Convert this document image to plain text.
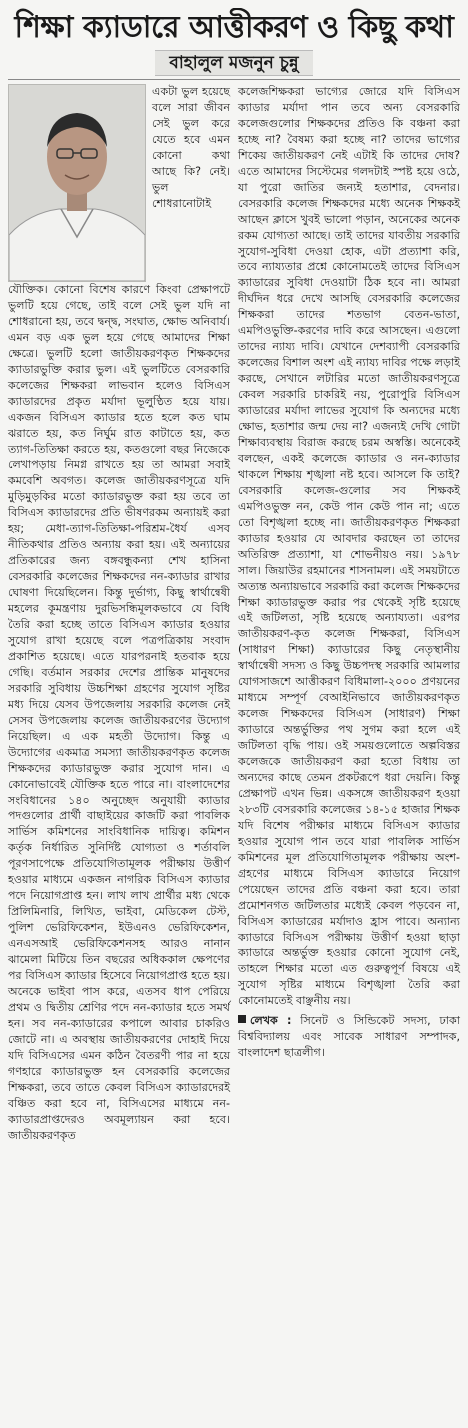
শিক্ষা ক্যাডারে আত্তীকরণ ও কিছু কথা
বাহালুল মজনুন চুন্নু
একটা ভুল হয়েছে বলে সারা জীবন সেই ভুল করে যেতে হবে এমন কোনো কথা আছে কি? নেই। ভুল শোধরানোটাই

যৌক্তিক। কোনো বিশেষ কারণে কিংবা প্রেক্ষাপটে ভুলটি হয়ে গেছে, তাই বলে সেই ভুল যদি না শোধরানো হয়, তবে দ্বন্দ্ব, সংঘাত, ক্ষোভ অনিবার্য। এমন বড় এক ভুল হয়ে গেছে আমাদের শিক্ষা ক্ষেত্রে। ভুলটি হলো জাতীয়করণকৃত শিক্ষকদের ক্যাডারভুক্তি করার ভুল। এই ভুলটিতে বেসরকারি কলেজের শিক্ষকরা লাভবান হলেও বিসিএস ক্যাডারদের প্রকৃত মর্যাদা ভূলুণ্ঠিত হয়ে যায়। একজন বিসিএস ক্যাডার হতে হলে কত ঘাম ঝরাতে হয়, কত নির্ঘুম রাত কাটাতে হয়, কত ত্যাগ-তিতিক্ষা করতে হয়, কতগুলো বছর নিজেকে লেখাপড়ায় নিমগ্ন রাখতে হয় তা আমরা সবাই কমবেশি অবগত। কলেজ জাতীয়করণসূত্রে যদি মুড়িমুড়কির মতো ক্যাডারভুক্ত করা হয় তবে তা বিসিএস ক্যাডারদের প্রতি ভীষণরকম অন্যায়ই করা হয়; মেধা-ত্যাগ-তিতিক্ষা-পরিশ্রম-ধৈর্য এসব নীতিকথার প্রতিও অন্যায় করা হয়। এই অন্যায়ের প্রতিকারের জন্য বঙ্গবন্ধুকন্যা শেখ হাসিনা বেসরকারি কলেজের শিক্ষকদের নন-ক্যাডার রাখার ঘোষণা দিয়েছিলেন। কিন্তু দুর্ভাগ্য, কিছু স্বার্থান্বেষী মহলের কূমন্ত্রণায় দুরভিসন্ধিমূলকভাবে যে বিধি তৈরি করা হচ্ছে তাতে বিসিএস ক্যাডার হওয়ার সুযোগ রাখা হয়েছে বলে পত্রপত্রিকায় সংবাদ প্রকাশিত হয়েছে। এতে যারপরনাই হতবাক হয়ে গেছি। বর্তমান সরকার দেশের প্রান্তিক মানুষদের সরকারি সুবিধায় উচ্চশিক্ষা গ্রহণের সুযোগ সৃষ্টির মধ্য দিয়ে যেসব উপজেলায় সরকারি কলেজ নেই সেসব উপজেলায় কলেজ জাতীয়করণের উদ্যোগ নিয়েছিল। এ এক মহতী উদ্যোগ। কিন্তু এ উদ্যোগের একমাত্র সমস্যা জাতীয়করণকৃত কলেজ শিক্ষকদের ক্যাডারভুক্ত করার সুযোগ দান। এ কোনোভাবেই যৌক্তিক হতে পারে না। বাংলাদেশের সংবিধানের ১৪০ অনুচ্ছেদ অনুযায়ী ক্যাডার পদগুলোর প্রার্থী বাছাইয়ের কাজটি করা পাবলিক সার্ভিস কমিশনের সাংবিধানিক দায়িত্ব। কমিশন কর্তৃক নির্ধারিত সুনির্দিষ্ট যোগ্যতা ও শর্তাবলি পূরণসাপেক্ষে প্রতিযোগিতামূলক পরীক্ষায় উত্তীর্ণ হওয়ার মাধ্যমে একজন নাগরিক বিসিএস ক্যাডার পদে নিয়োগপ্রাপ্ত হন। লাখ লাখ প্রার্থীর মধ্য থেকে প্রিলিমিনারি, লিখিত, ভাইবা, মেডিকেল টেস্ট, পুলিশ ভেরিফিকেশন, ইউএনও ভেরিফিকেশন, এনএসআই ভেরিফিকেশনসহ আরও নানান ঝামেলা মিটিয়ে তিন বছরের অধিককাল ক্ষেপণের পর বিসিএস ক্যাডার হিসেবে নিয়োগপ্রাপ্ত হতে হয়। অনেকে ভাইবা পাস করে, এতসব ধাপ পেরিয়ে প্রথম ও দ্বিতীয় শ্রেণির পদে নন-ক্যাডার হতে সমর্থ হন। সব নন-ক্যাডারের কপালে আবার চাকরিও জোটে না। এ অবস্থায় জাতীয়করণের দোহাই দিয়ে যদি বিসিএসের এমন কঠিন বৈতরণী পার না হয়ে গণহারে ক্যাডারভুক্ত হন বেসরকারি কলেজের শিক্ষকরা, তবে তাতে কেবল বিসিএস ক্যাডারদেরই বঞ্চিত করা হবে না, বিসিএসের মাধ্যমে নন-ক্যাডারপ্রাপ্তদেরও অবমূল্যায়ন করা হবে। জাতীয়করণকৃত

কলেজশিক্ষকরা ভাগ্যের জোরে যদি বিসিএস ক্যাডার মর্যাদা পান তবে অন্য বেসরকারি কলেজগুলোর শিক্ষকদের প্রতিও কি বঞ্চনা করা হচ্ছে না? বৈষম্য করা হচ্ছে না? তাদের ভাগ্যের শিকেয় জাতীয়করণ নেই এটাই কি তাদের দোষ? এতে আমাদের সিস্টেমের গলদটাই স্পষ্ট হয়ে ওঠে, যা পুরো জাতির জন্যই হতাশার, বেদনার। বেসরকারি কলেজ শিক্ষকদের মধ্যে অনেক শিক্ষকই আছেন ক্লাসে খুবই ভালো পড়ান, অনেকের অনেক রকম যোগ্যতা আছে। তাই তাদের যাবতীয় সরকারি সুযোগ-সুবিধা দেওয়া হোক, এটা প্রত্যাশা করি, তবে ন্যায্যতার প্রশ্নে কোনোমতেই তাদের বিসিএস ক্যাডারের সুবিধা দেওয়াটা ঠিক হবে না। আমরা দীর্ঘদিন ধরে দেখে আসছি বেসরকারি কলেজের শিক্ষকরা তাদের শতভাগ বেতন-ভাতা, এমপিওভুক্তি-করণের দাবি করে আসছেন। এগুলো তাদের ন্যায্য দাবি। যেখানে দেশব্যাপী বেসরকারি কলেজের বিশাল অংশ এই ন্যায্য দাবির পক্ষে লড়াই করছে, সেখানে লটারির মতো জাতীয়করণসূত্রে কেবল সরকারি চাকরিই নয়, পুরোপুরি বিসিএস ক্যাডারের মর্যাদা লাভের সুযোগ কি অন্যদের মধ্যে ক্ষোভ, হতাশার জন্ম দেয় না? এজন্যই দেখি গোটা শিক্ষাব্যবস্থায় বিরাজ করছে চরম অস্বস্তি। অনেকেই বলছেন, একই কলেজে ক্যাডার ও নন-ক্যাডার থাকলে শিক্ষায় শৃঙ্খলা নষ্ট হবে। আসলে কি তাই? বেসরকারি কলেজ-গুলোর সব শিক্ষকই এমপিওভুক্ত নন, কেউ পান কেউ পান না; এতে তো বিশৃঙ্খলা হচ্ছে না। জাতীয়করণকৃত শিক্ষকরা ক্যাডার হওয়ার যে আবদার করছেন তা তাদের অতিরিক্ত প্রত্যাশা, যা শোভনীয়ও নয়। ১৯৭৮ সাল। জিয়াউর রহমানের শাসনামল। এই সময়টাতে অত্যন্ত অন্যায়ভাবে সরকারি করা কলেজ শিক্ষকদের শিক্ষা ক্যাডারভুক্ত করার পর থেকেই সৃষ্টি হয়েছে এই জটিলতা, সৃষ্টি হয়েছে অন্যায্যতা। এরপর জাতীয়করণ-কৃত কলেজ শিক্ষকরা, বিসিএস (সাধারণ শিক্ষা) ক্যাডারের কিছু নেতৃস্থানীয় স্বার্থান্বেষী সদস্য ও কিছু উচ্চপদস্থ সরকারি আমলার যোগসাজশে আত্তীকরণ বিধিমালা-২০০০ প্রণয়নের মাধ্যমে সম্পূর্ণ বেআইনিভাবে জাতীয়করণকৃত কলেজ শিক্ষকদের বিসিএস (সাধারণ) শিক্ষা ক্যাডারে অন্তর্ভুক্তির পথ সুগম করা হলে এই জটিলতা বৃদ্ধি পায়। ওই সময়গুলোতে অল্পবিস্তর কলেজকে জাতীয়করণ করা হতো বিধায় তা অন্যদের কাছে তেমন প্রকটরূপে ধরা দেয়নি। কিন্তু প্রেক্ষাপট এখন ভিন্ন। একসঙ্গে জাতীয়করণ হওয়া ২৮৩টি বেসরকারি কলেজের ১৪-১৫ হাজার শিক্ষক যদি বিশেষ পরীক্ষার মাধ্যমে বিসিএস ক্যাডার হওয়ার সুযোগ পান তবে যারা পাবলিক সার্ভিস কমিশনের মূল প্রতিযোগিতামূলক পরীক্ষায় অংশ-গ্রহণের মাধ্যমে বিসিএস ক্যাডারে নিয়োগ পেয়েছেন তাদের প্রতি বঞ্চনা করা হবে। তারা প্রমোশনগত জটিলতার মধ্যেই কেবল পড়বেন না, বিসিএস ক্যাডারের মর্যাদাও হ্রাস পাবে। অন্যান্য ক্যাডারে বিসিএস পরীক্ষায় উত্তীর্ণ হওয়া ছাড়া ক্যাডারে অন্তর্ভুক্ত হওয়ার কোনো সুযোগ নেই, তাহলে শিক্ষার মতো এত গুরুত্বপূর্ণ বিষয়ে এই সুযোগ সৃষ্টির মাধ্যমে বিশৃঙ্খলা তৈরি করা কোনোমতেই বাঞ্ছনীয় নয়।

লেখক : সিনেট ও সিন্ডিকেট সদস্য, ঢাকা বিশ্ববিদ্যালয় এবং সাবেক সাধারণ সম্পাদক, বাংলাদেশ ছাত্রলীগ।
